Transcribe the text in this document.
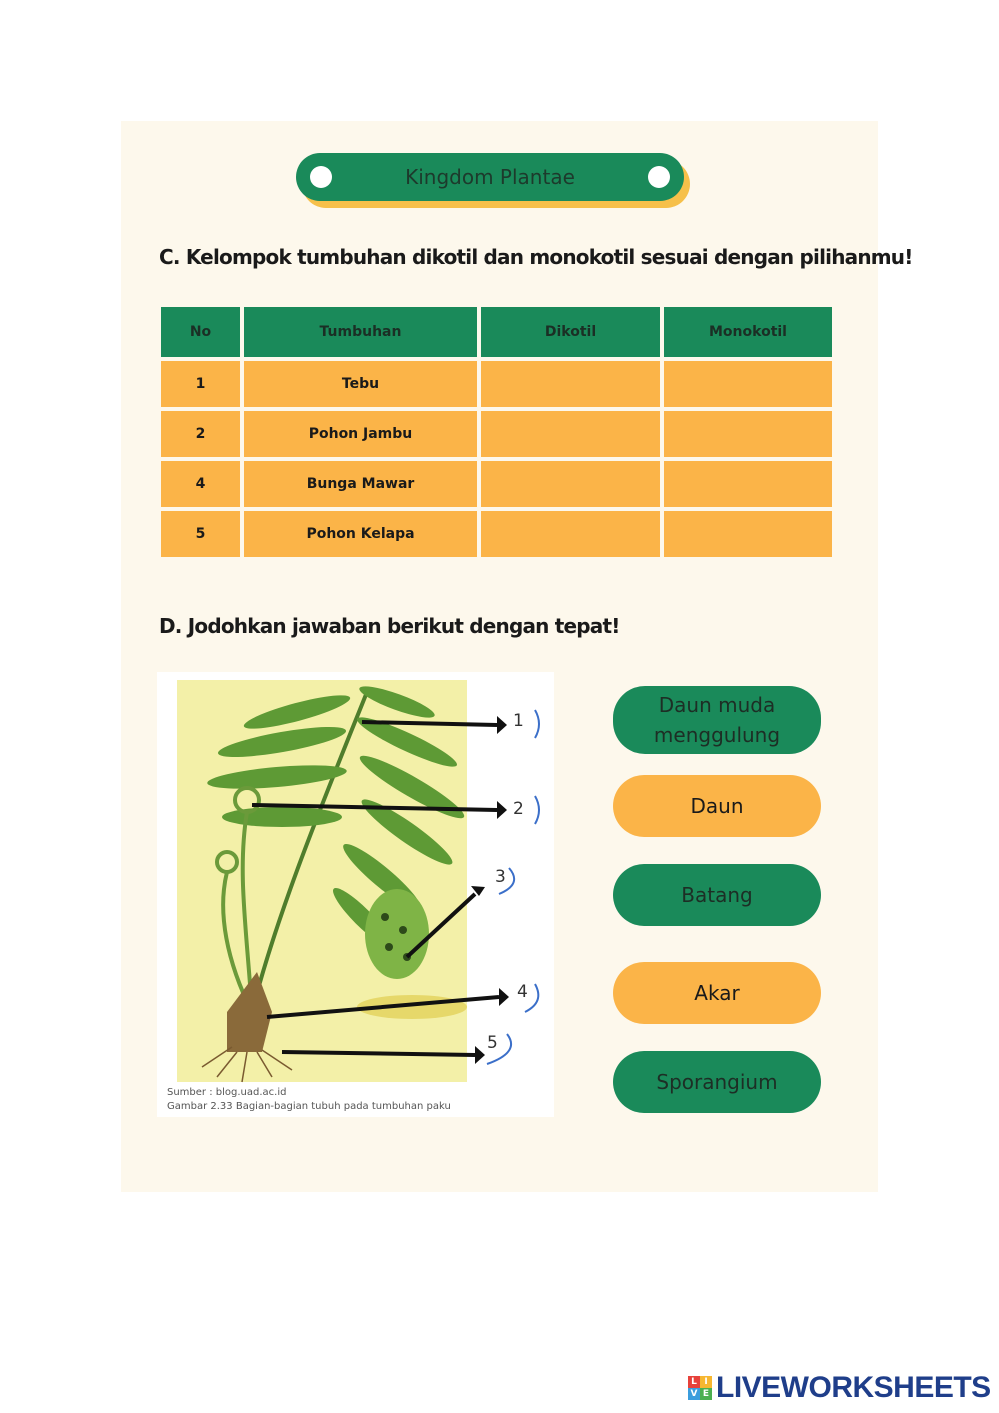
Kingdom Plantae
C. Kelompok tumbuhan dikotil dan monokotil sesuai dengan pilihanmu!
No	Tumbuhan	Dikotil	Monokotil
1	Tebu		
2	Pohon Jambu		
4	Bunga Mawar		
5	Pohon Kelapa		
D. Jodohkan jawaban berikut dengan tepat!
1
2
3
4
5
Sumber : blog.uad.ac.id
Gambar 2.33 Bagian-bagian tubuh pada tumbuhan paku
Daun muda menggulung
Daun
Batang
Akar
Sporangium
L I
V E LIVEWORKSHEETS
